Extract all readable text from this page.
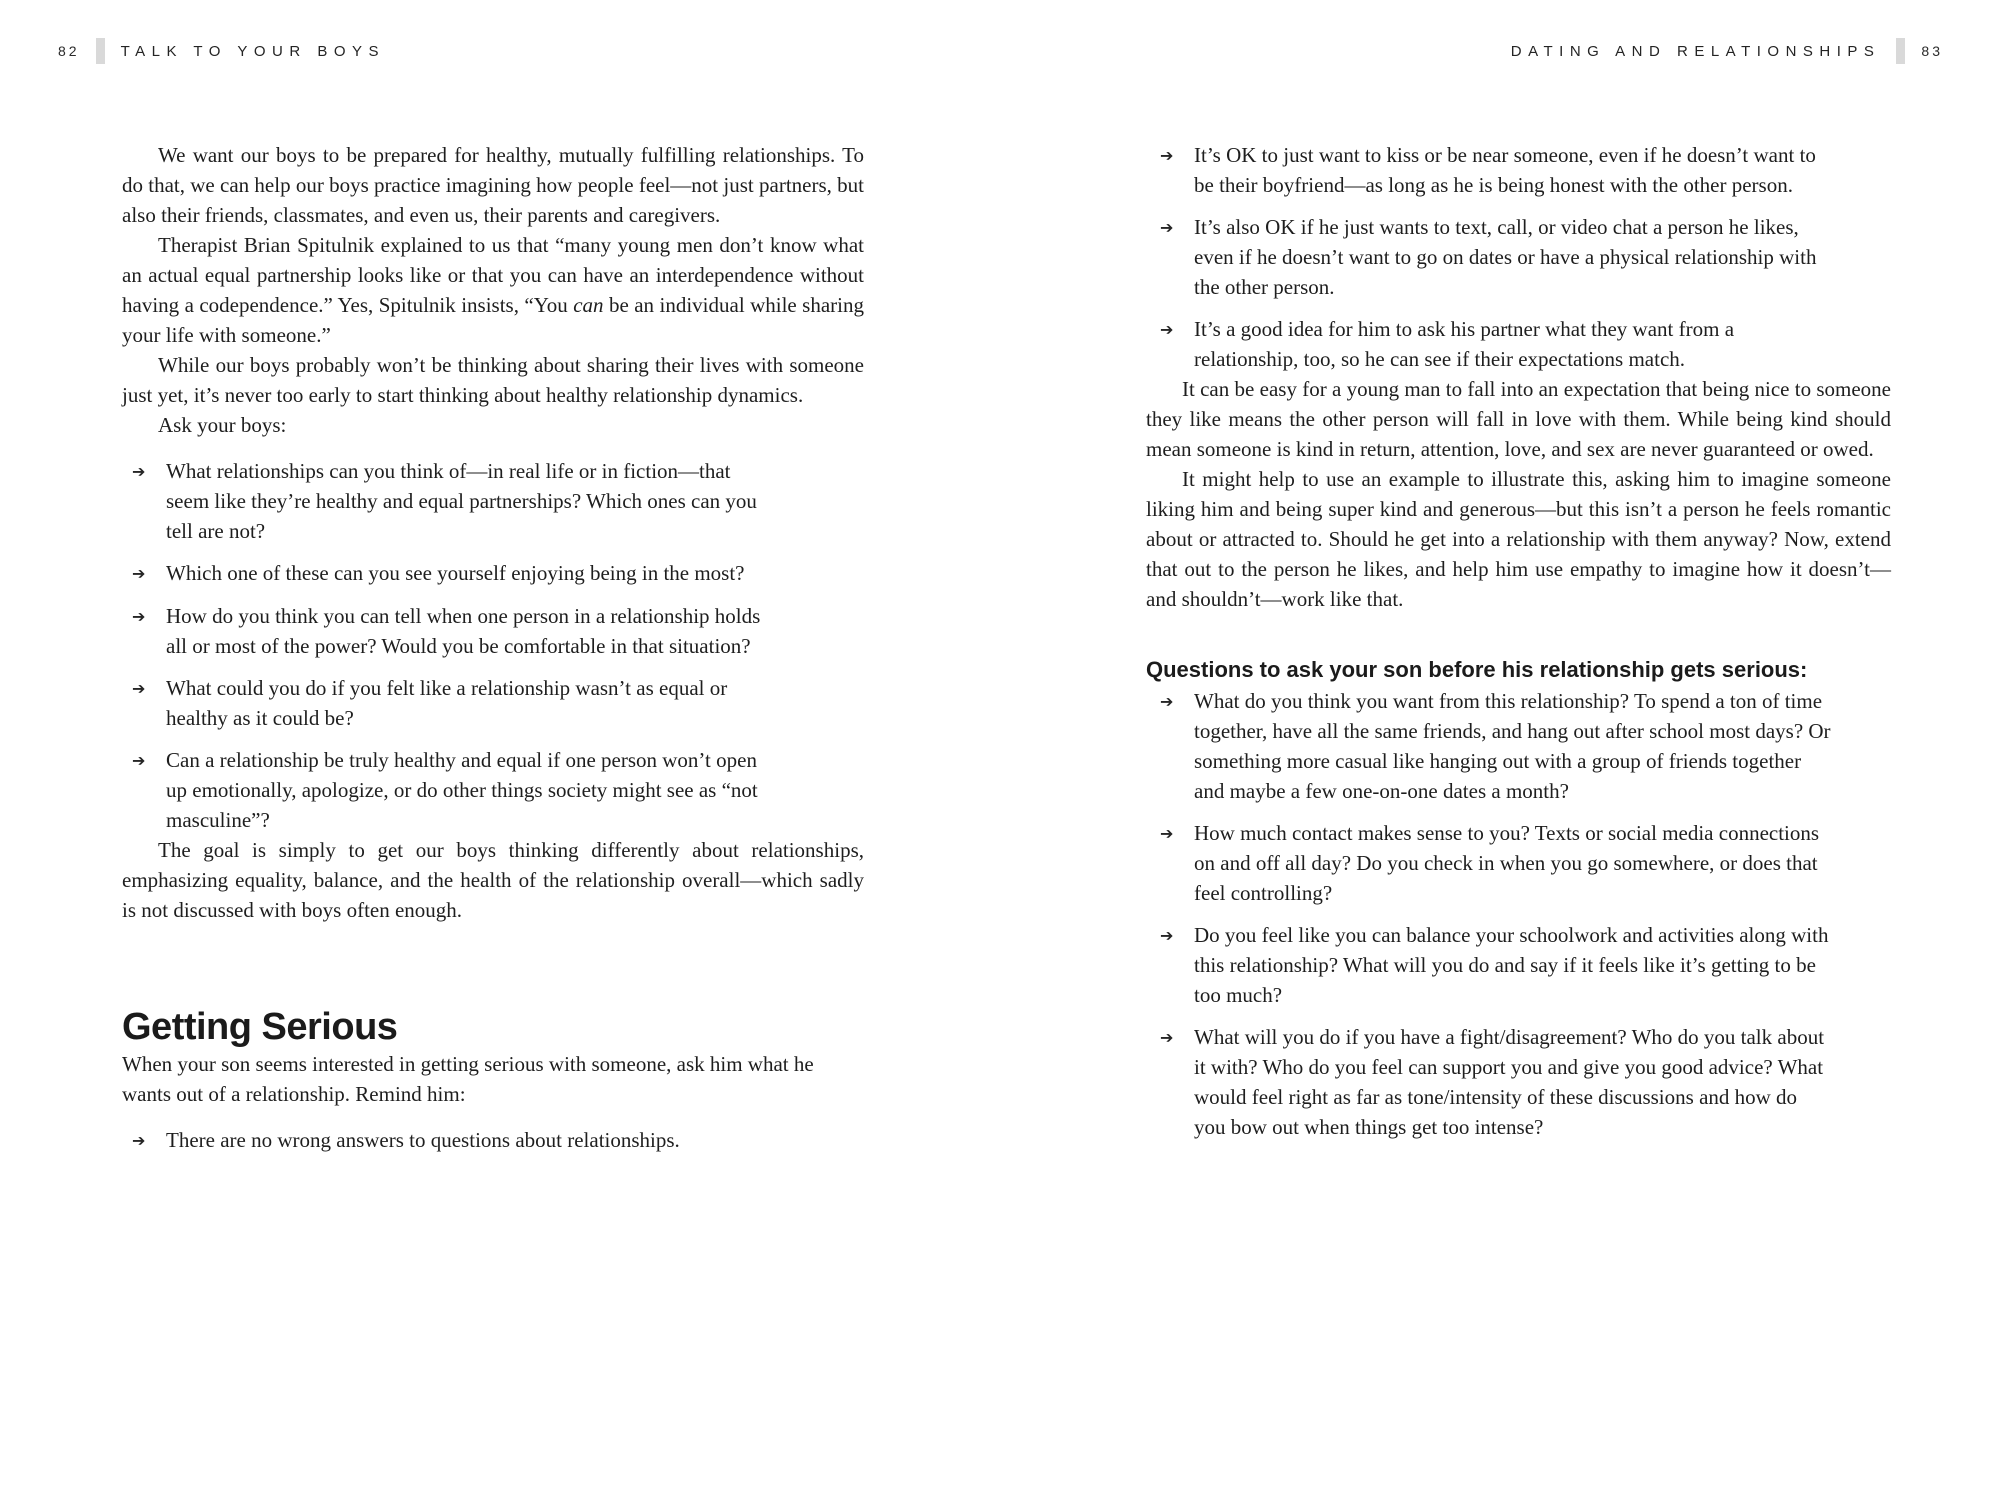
82	TALK TO YOUR BOYS	DATING AND RELATIONSHIPS	83

We want our boys to be prepared for healthy, mutually fulfilling relationships. To do that, we can help our boys practice imagining how people feel—not just partners, but also their friends, classmates, and even us, their parents and caregivers.

Therapist Brian Spitulnik explained to us that “many young men don’t know what an actual equal partnership looks like or that you can have an interdependence without having a codependence.” Yes, Spitulnik insists, “You can be an individual while sharing your life with someone.”

While our boys probably won’t be thinking about sharing their lives with someone just yet, it’s never too early to start thinking about healthy relationship dynamics.

Ask your boys:

➔ What relationships can you think of—in real life or in fiction—that seem like they’re healthy and equal partnerships? Which ones can you tell are not?
➔ Which one of these can you see yourself enjoying being in the most?
➔ How do you think you can tell when one person in a relationship holds all or most of the power? Would you be comfortable in that situation?
➔ What could you do if you felt like a relationship wasn’t as equal or healthy as it could be?
➔ Can a relationship be truly healthy and equal if one person won’t open up emotionally, apologize, or do other things society might see as “not masculine”?

The goal is simply to get our boys thinking differently about relationships, emphasizing equality, balance, and the health of the relationship overall—which sadly is not discussed with boys often enough.

Getting Serious

When your son seems interested in getting serious with someone, ask him what he wants out of a relationship. Remind him:

➔ There are no wrong answers to questions about relationships.
➔ It’s OK to just want to kiss or be near someone, even if he doesn’t want to be their boyfriend—as long as he is being honest with the other person.
➔ It’s also OK if he just wants to text, call, or video chat a person he likes, even if he doesn’t want to go on dates or have a physical relationship with the other person.
➔ It’s a good idea for him to ask his partner what they want from a relationship, too, so he can see if their expectations match.

It can be easy for a young man to fall into an expectation that being nice to someone they like means the other person will fall in love with them. While being kind should mean someone is kind in return, attention, love, and sex are never guaranteed or owed.

It might help to use an example to illustrate this, asking him to imagine someone liking him and being super kind and generous—but this isn’t a person he feels romantic about or attracted to. Should he get into a relationship with them anyway? Now, extend that out to the person he likes, and help him use empathy to imagine how it doesn’t—and shouldn’t—work like that.

Questions to ask your son before his relationship gets serious:
➔ What do you think you want from this relationship? To spend a ton of time together, have all the same friends, and hang out after school most days? Or something more casual like hanging out with a group of friends together and maybe a few one-on-one dates a month?
➔ How much contact makes sense to you? Texts or social media connections on and off all day? Do you check in when you go somewhere, or does that feel controlling?
➔ Do you feel like you can balance your schoolwork and activities along with this relationship? What will you do and say if it feels like it’s getting to be too much?
➔ What will you do if you have a fight/disagreement? Who do you talk about it with? Who do you feel can support you and give you good advice? What would feel right as far as tone/intensity of these discussions and how do you bow out when things get too intense?
